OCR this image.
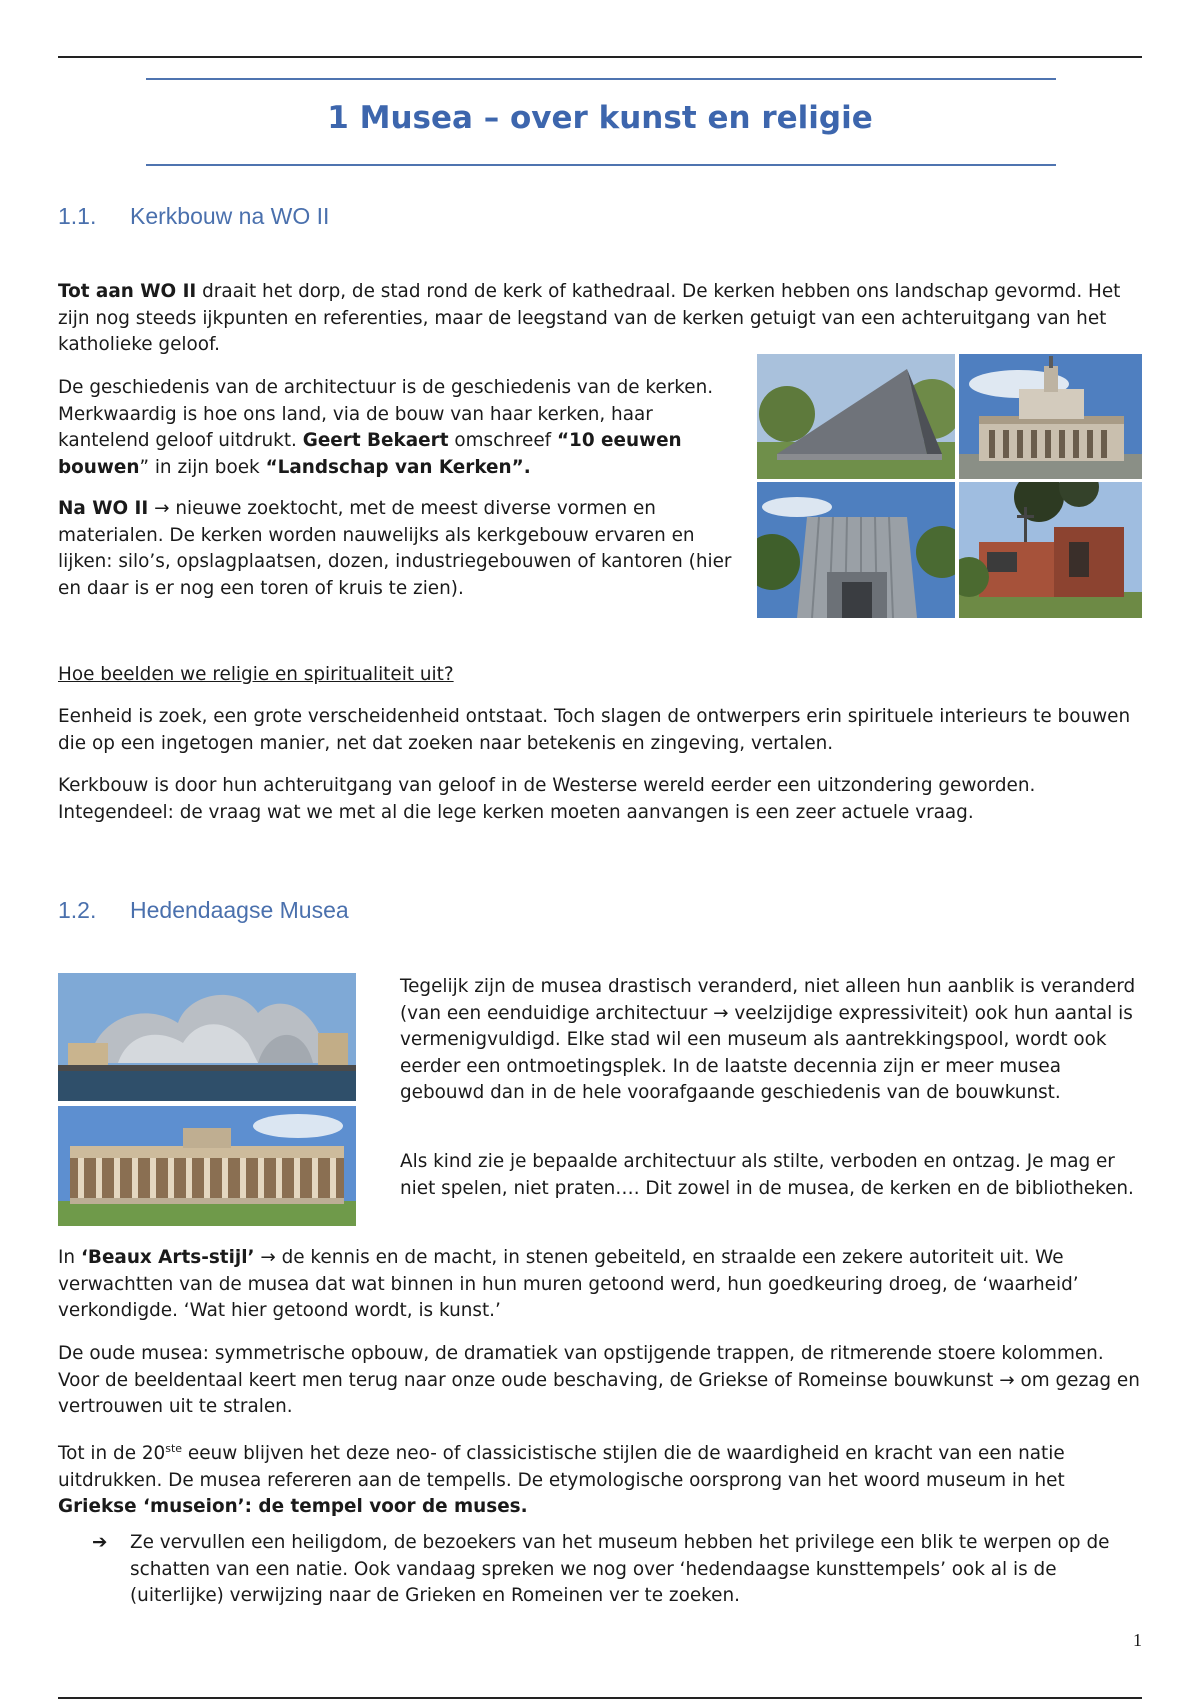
1 Musea – over kunst en religie
1.1. Kerkbouw na WO II

Tot aan WO II draait het dorp, de stad rond de kerk of kathedraal. De kerken hebben ons landschap gevormd. Het zijn nog steeds ijkpunten en referenties, maar de leegstand van de kerken getuigt van een achteruitgang van het katholieke geloof.

De geschiedenis van de architectuur is de geschiedenis van de kerken. Merkwaardig is hoe ons land, via de bouw van haar kerken, haar kantelend geloof uitdrukt. Geert Bekaert omschreef “10 eeuwen bouwen” in zijn boek “Landschap van Kerken”.

Na WO II → nieuwe zoektocht, met de meest diverse vormen en materialen. De kerken worden nauwelijks als kerkgebouw ervaren en lijken: silo’s, opslagplaatsen, dozen, industriegebouwen of kantoren (hier en daar is er nog een toren of kruis te zien).

Hoe beelden we religie en spiritualiteit uit?

Eenheid is zoek, een grote verscheidenheid ontstaat. Toch slagen de ontwerpers erin spirituele interieurs te bouwen die op een ingetogen manier, net dat zoeken naar betekenis en zingeving, vertalen.

Kerkbouw is door hun achteruitgang van geloof in de Westerse wereld eerder een uitzondering geworden. Integendeel: de vraag wat we met al die lege kerken moeten aanvangen is een zeer actuele vraag.

1.2. Hedendaagse Musea

Tegelijk zijn de musea drastisch veranderd, niet alleen hun aanblik is veranderd (van een eenduidige architectuur → veelzijdige expressiviteit) ook hun aantal is vermenigvuldigd. Elke stad wil een museum als aantrekkingspool, wordt ook eerder een ontmoetingsplek. In de laatste decennia zijn er meer musea gebouwd dan in de hele voorafgaande geschiedenis van de bouwkunst.

Als kind zie je bepaalde architectuur als stilte, verboden en ontzag. Je mag er niet spelen, niet praten…. Dit zowel in de musea, de kerken en de bibliotheken.

In ‘Beaux Arts-stijl’ → de kennis en de macht, in stenen gebeiteld, en straalde een zekere autoriteit uit. We verwachtten van de musea dat wat binnen in hun muren getoond werd, hun goedkeuring droeg, de ‘waarheid’ verkondigde. ‘Wat hier getoond wordt, is kunst.’

De oude musea: symmetrische opbouw, de dramatiek van opstijgende trappen, de ritmerende stoere kolommen. Voor de beeldentaal keert men terug naar onze oude beschaving, de Griekse of Romeinse bouwkunst → om gezag en vertrouwen uit te stralen.

Tot in de 20ste eeuw blijven het deze neo- of classicistische stijlen die de waardigheid en kracht van een natie uitdrukken. De musea refereren aan de tempells. De etymologische oorsprong van het woord museum in het Griekse ‘museion’: de tempel voor de muses.

➔ Ze vervullen een heiligdom, de bezoekers van het museum hebben het privilege een blik te werpen op de schatten van een natie. Ook vandaag spreken we nog over ‘hedendaagse kunsttempels’ ook al is de (uiterlijke) verwijzing naar de Grieken en Romeinen ver te zoeken.

1
